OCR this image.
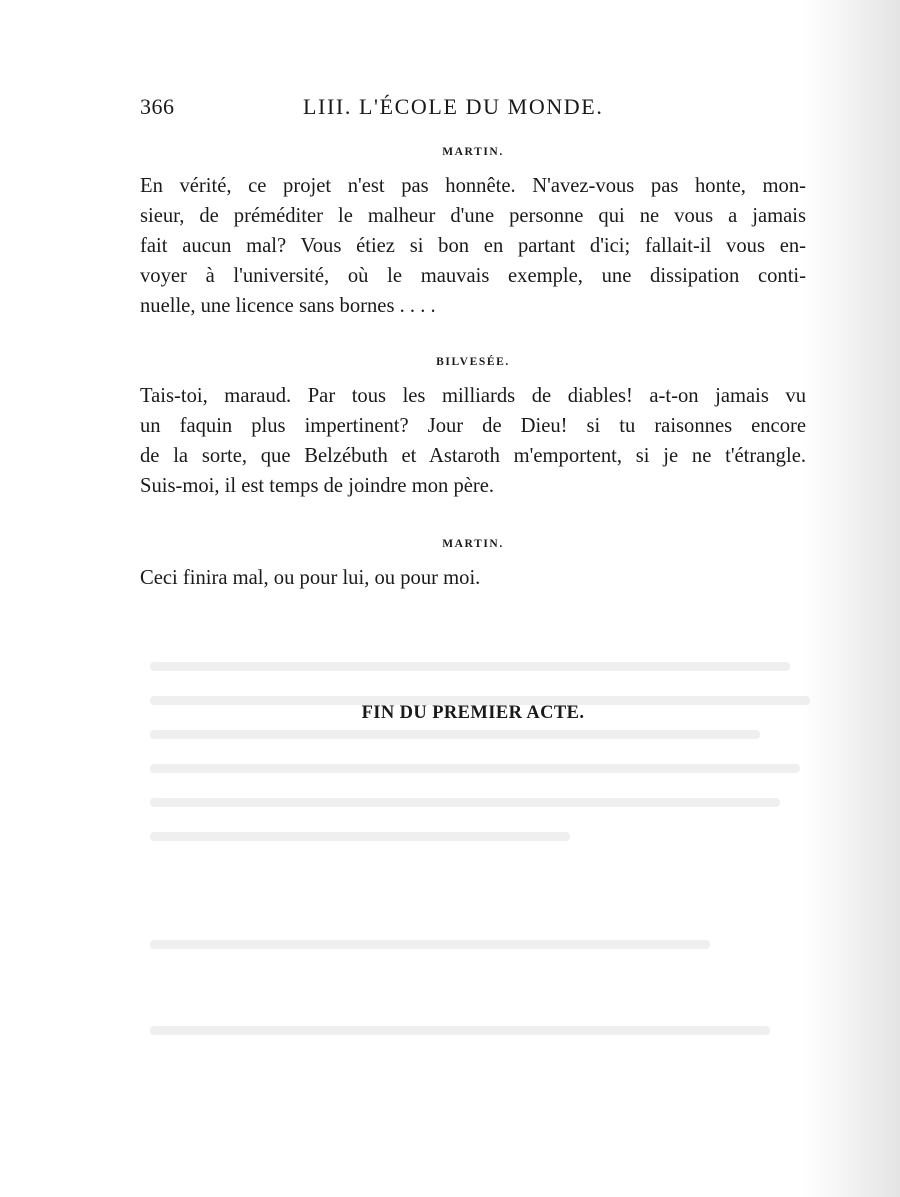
366	LIII. L'ÉCOLE DU MONDE.
MARTIN.
En vérité, ce projet n'est pas honnête. N'avez-vous pas honte, mon-
sieur, de préméditer le malheur d'une personne qui ne vous a jamais
fait aucun mal? Vous étiez si bon en partant d'ici; fallait-il vous en-
voyer à l'université, où le mauvais exemple, une dissipation conti-
nuelle, une licence sans bornes . . . .
BILVESÉE.
Tais-toi, maraud. Par tous les milliards de diables! a-t-on jamais vu
un faquin plus impertinent? Jour de Dieu! si tu raisonnes encore
de la sorte, que Belzébuth et Astaroth m'emportent, si je ne t'étrangle.
Suis-moi, il est temps de joindre mon père.
MARTIN.
Ceci finira mal, ou pour lui, ou pour moi.
FIN DU PREMIER ACTE.
